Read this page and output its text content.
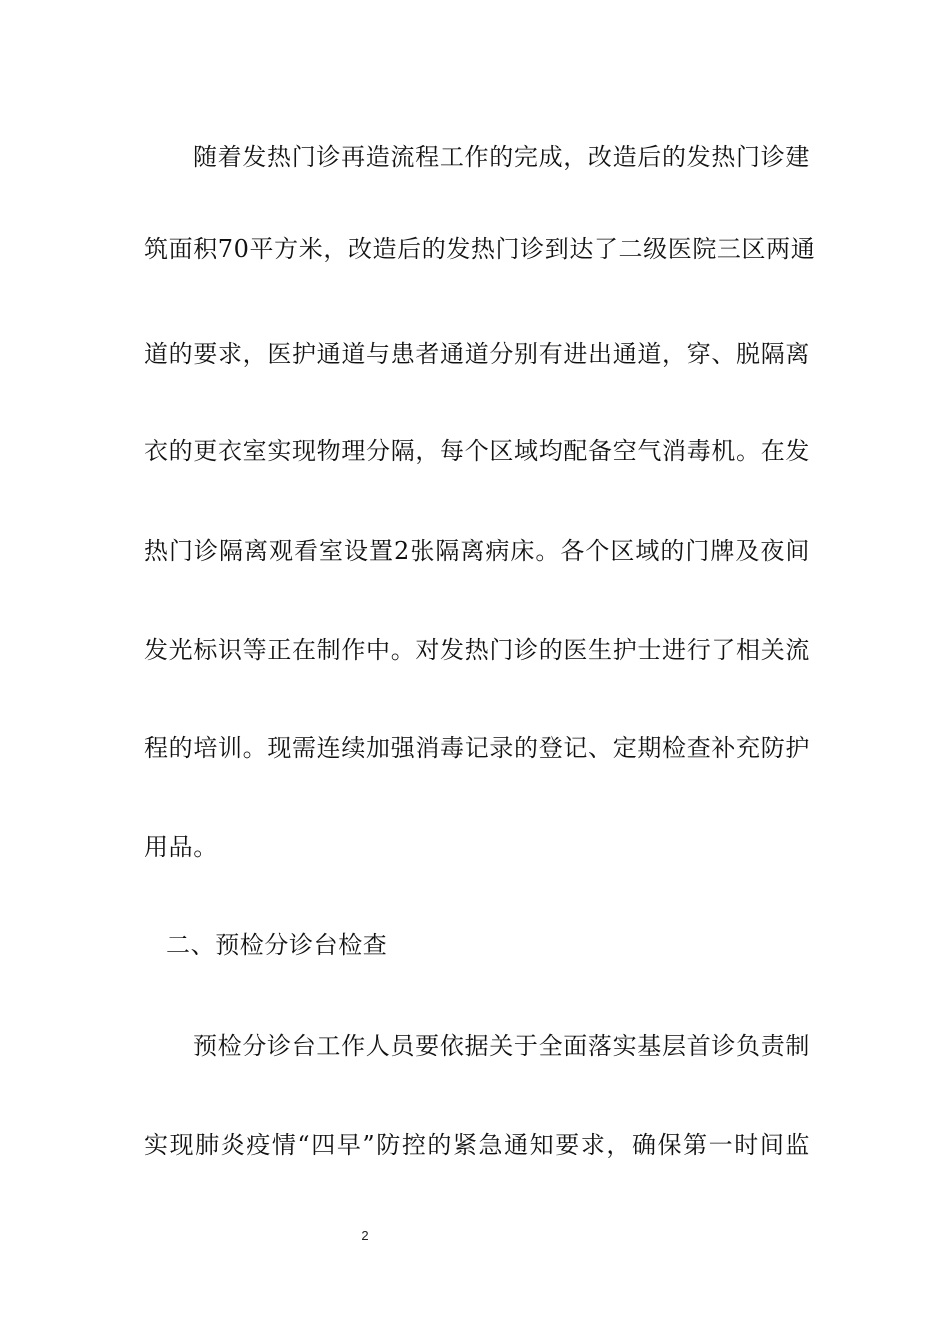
随着发热门诊再造流程工作的完成，改造后的发热门诊建
筑面积70平方米，改造后的发热门诊到达了二级医院三区两通
道的要求，医护通道与患者通道分别有进出通道，穿、脱隔离
衣的更衣室实现物理分隔，每个区域均配备空气消毒机。在发
热门诊隔离观看室设置2张隔离病床。各个区域的门牌及夜间
发光标识等正在制作中。对发热门诊的医生护士进行了相关流
程的培训。现需连续加强消毒记录的登记、定期检查补充防护
用品。
二、预检分诊台检查
预检分诊台工作人员要依据关于全面落实基层首诊负责制
实现肺炎疫情“四早”防控的紧急通知要求，确保第一时间监
2
